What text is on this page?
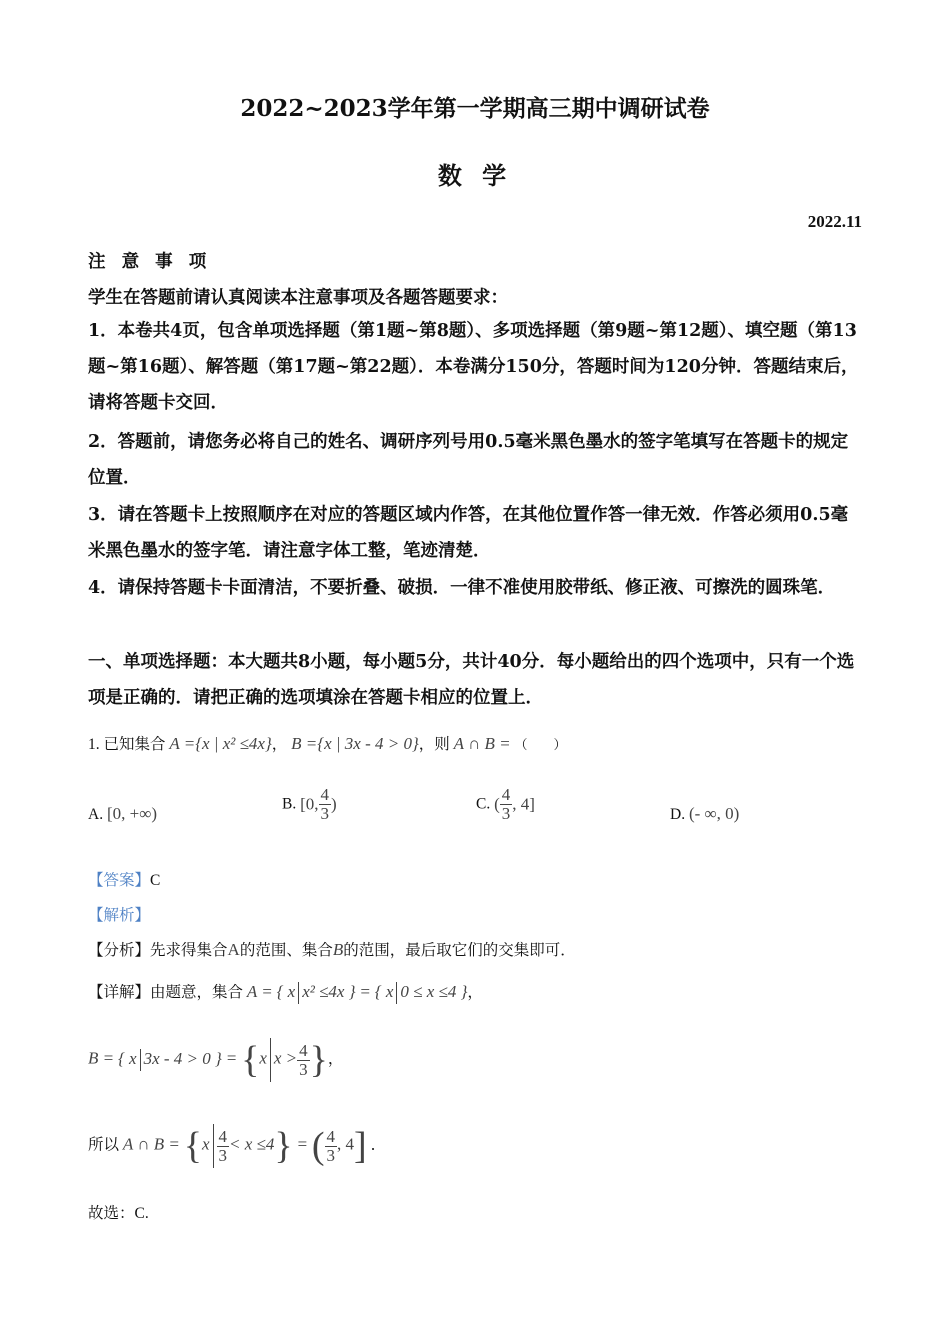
2022~2023学年第一学期高三期中调研试卷
数 学
2022.11
注 意 事 项
学生在答题前请认真阅读本注意事项及各题答题要求：
1．本卷共4页，包含单项选择题（第1题~第8题）、多项选择题（第9题~第12题）、填空题（第13题~第16题）、解答题（第17题~第22题）．本卷满分150分，答题时间为120分钟．答题结束后，请将答题卡交回．
2．答题前，请您务必将自己的姓名、调研序列号用0.5毫米黑色墨水的签字笔填写在答题卡的规定位置．
3．请在答题卡上按照顺序在对应的答题区域内作答，在其他位置作答一律无效．作答必须用0.5毫米黑色墨水的签字笔．请注意字体工整，笔迹清楚．
4．请保持答题卡卡面清洁，不要折叠、破损．一律不准使用胶带纸、修正液、可擦洗的圆珠笔．
一、单项选择题：本大题共8小题，每小题5分，共计40分．每小题给出的四个选项中，只有一个选项是正确的．请把正确的选项填涂在答题卡相应的位置上．
1. 已知集合 A ={x | x² ≤4x}， B ={x | 3x - 4 > 0}，则 A ∩ B = （　　）
A. [0, +∞)
B. [0, $\frac{4}{3}$ )	C. ( $\frac{4}{3}$ , 4]
D. (- ∞, 0)
【答案】C
【解析】
【分析】先求得集合A的范围、集合B的范围，最后取它们的交集即可．
【详解】由题意，集合 A = { x x² ≤4x } = { x 0 ≤ x ≤4 }，
B = { x 3x - 4 > 0 } = {x $x > \frac{4}{3}$ }，
所以 A ∩ $B = \{x \frac{4}{3} < x \le 4\}$ = ( $\frac{4}{3}$ , 4] ．
故选：C.
